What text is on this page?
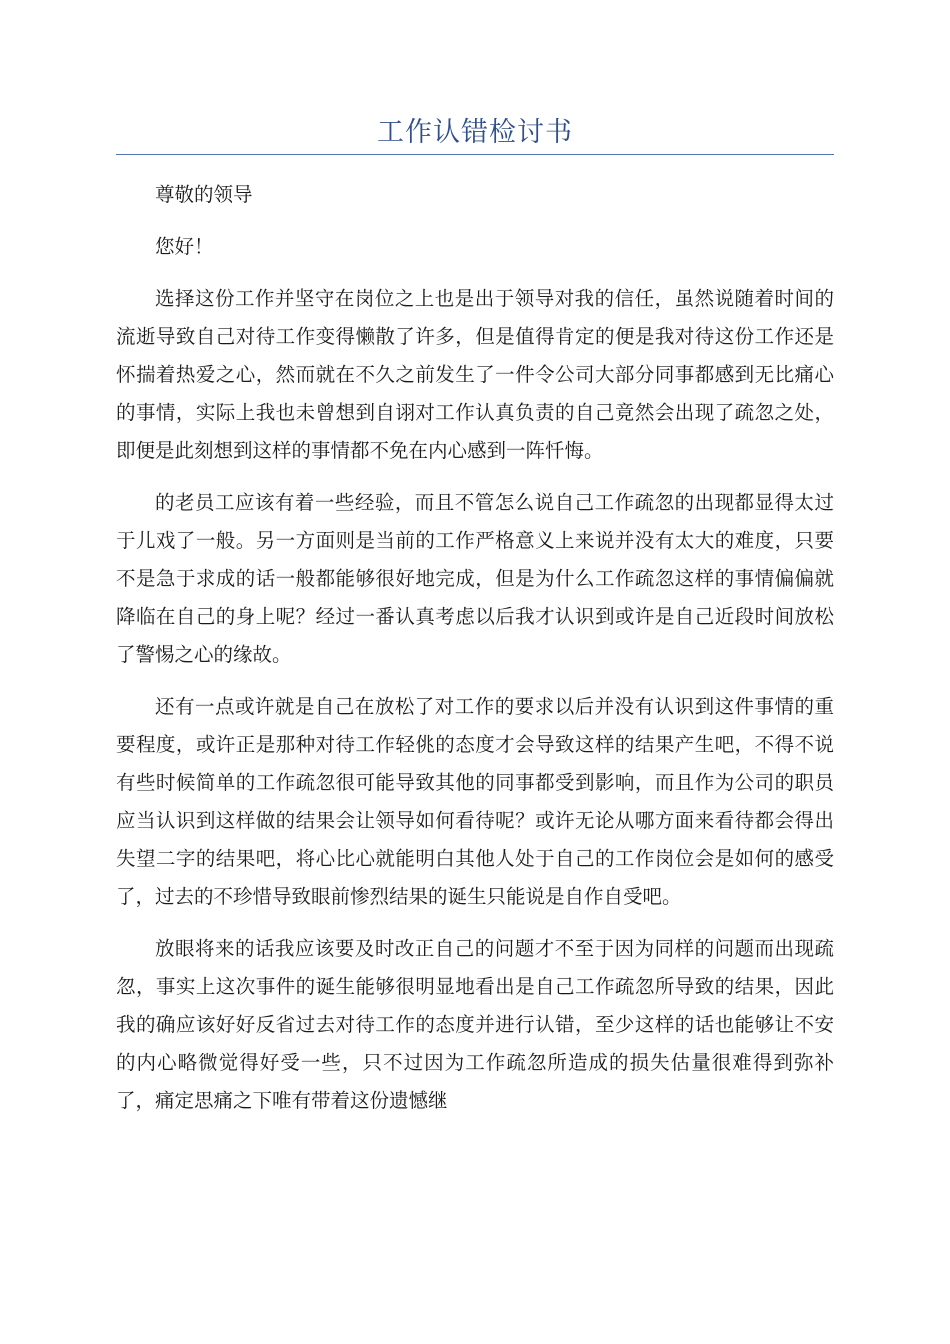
工作认错检讨书

尊敬的领导

您好！

选择这份工作并坚守在岗位之上也是出于领导对我的信任，虽然说随着时间的流逝导致自己对待工作变得懒散了许多，但是值得肯定的便是我对待这份工作还是怀揣着热爱之心，然而就在不久之前发生了一件令公司大部分同事都感到无比痛心的事情，实际上我也未曾想到自诩对工作认真负责的自己竟然会出现了疏忽之处，即便是此刻想到这样的事情都不免在内心感到一阵忏悔。

的老员工应该有着一些经验，而且不管怎么说自己工作疏忽的出现都显得太过于儿戏了一般。另一方面则是当前的工作严格意义上来说并没有太大的难度，只要不是急于求成的话一般都能够很好地完成，但是为什么工作疏忽这样的事情偏偏就降临在自己的身上呢？经过一番认真考虑以后我才认识到或许是自己近段时间放松了警惕之心的缘故。

还有一点或许就是自己在放松了对工作的要求以后并没有认识到这件事情的重要程度，或许正是那种对待工作轻佻的态度才会导致这样的结果产生吧，不得不说有些时候简单的工作疏忽很可能导致其他的同事都受到影响，而且作为公司的职员应当认识到这样做的结果会让领导如何看待呢？或许无论从哪方面来看待都会得出失望二字的结果吧，将心比心就能明白其他人处于自己的工作岗位会是如何的感受了，过去的不珍惜导致眼前惨烈结果的诞生只能说是自作自受吧。

放眼将来的话我应该要及时改正自己的问题才不至于因为同样的问题而出现疏忽，事实上这次事件的诞生能够很明显地看出是自己工作疏忽所导致的结果，因此我的确应该好好反省过去对待工作的态度并进行认错，至少这样的话也能够让不安的内心略微觉得好受一些，只不过因为工作疏忽所造成的损失估量很难得到弥补了，痛定思痛之下唯有带着这份遗憾继
